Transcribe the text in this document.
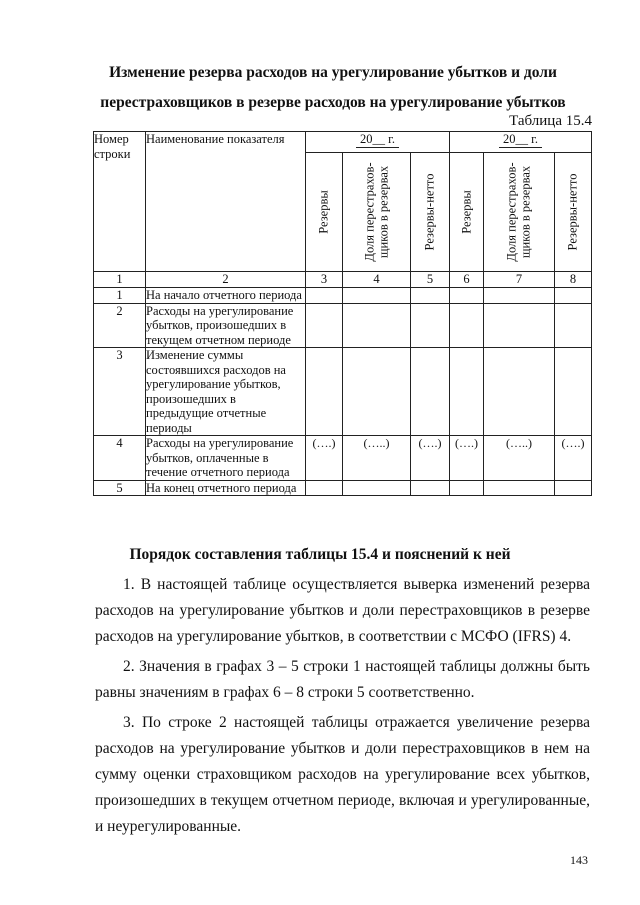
Изменение резерва расходов на урегулирование убытков и доли
перестраховщиков в резерве расходов на урегулирование убытков

Таблица 15.4

Номер строки	Наименование показателя	20__ г.			20__ г.		

		Резервы	Доля перестрахов-щиков в резервах	Резервы-нетто	Резервы	Доля перестрахов-щиков в резервах	Резервы-нетто

1	2	3	4	5	6	7	8
1	На начало отчетного периода						
2	Расходы на урегулирование убытков, произошедших в текущем отчетном периоде						
3	Изменение суммы состоявшихся расходов на урегулирование убытков, произошедших в предыдущие отчетные периоды						
4	Расходы на урегулирование убытков, оплаченные в течение отчетного периода	(….)	(…..)	(….)	(….)	(…..)	(….)
5	На конец отчетного периода						
Порядок составления таблицы 15.4 и пояснений к ней

1. В настоящей таблице осуществляется выверка изменений резерва расходов на урегулирование убытков и доли перестраховщиков в резерве расходов на урегулирование убытков, в соответствии с МСФО (IFRS) 4.

2. Значения в графах 3 – 5 строки 1 настоящей таблицы должны быть равны значениям в графах 6 – 8 строки 5 соответственно.

3. По строке 2 настоящей таблицы отражается увеличение резерва расходов на урегулирование убытков и доли перестраховщиков в нем на сумму оценки страховщиком расходов на урегулирование всех убытков, произошедших в текущем отчетном периоде, включая и урегулированные, и неурегулированные.

143
